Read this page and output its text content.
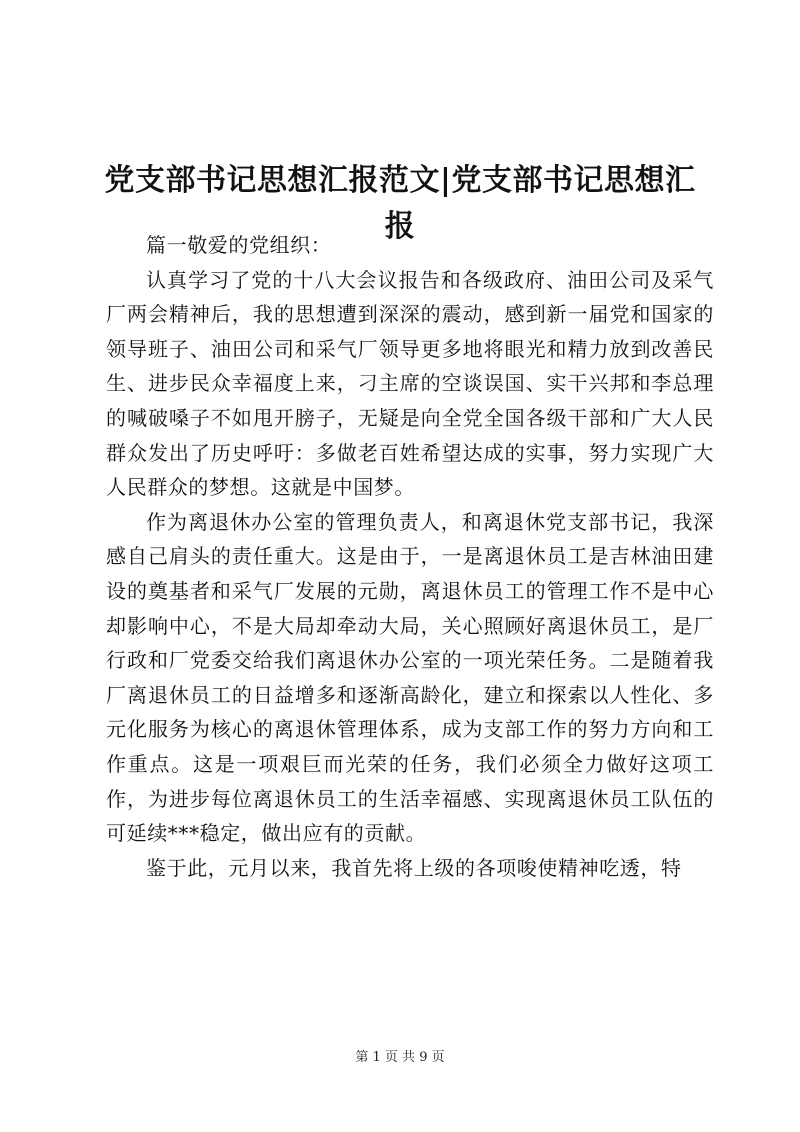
党支部书记思想汇报范文|党支部书记思想汇报

篇一敬爱的党组织：

认真学习了党的十八大会议报告和各级政府、油田公司及采气厂两会精神后，我的思想遭到深深的震动，感到新一届党和国家的领导班子、油田公司和采气厂领导更多地将眼光和精力放到改善民生、进步民众幸福度上来，刁主席的空谈误国、实干兴邦和李总理的喊破嗓子不如甩开膀子，无疑是向全党全国各级干部和广大人民群众发出了历史呼吁：多做老百姓希望达成的实事，努力实现广大人民群众的梦想。这就是中国梦。

作为离退休办公室的管理负责人，和离退休党支部书记，我深感自己肩头的责任重大。这是由于，一是离退休员工是吉林油田建设的奠基者和采气厂发展的元勋，离退休员工的管理工作不是中心却影响中心，不是大局却牵动大局，关心照顾好离退休员工，是厂行政和厂党委交给我们离退休办公室的一项光荣任务。二是随着我厂离退休员工的日益增多和逐渐高龄化，建立和探索以人性化、多元化服务为核心的离退休管理体系，成为支部工作的努力方向和工作重点。这是一项艰巨而光荣的任务，我们必须全力做好这项工作，为进步每位离退休员工的生活幸福感、实现离退休员工队伍的可延续***稳定，做出应有的贡献。

鉴于此，元月以来，我首先将上级的各项唆使精神吃透，特

第 1 页 共 9 页
